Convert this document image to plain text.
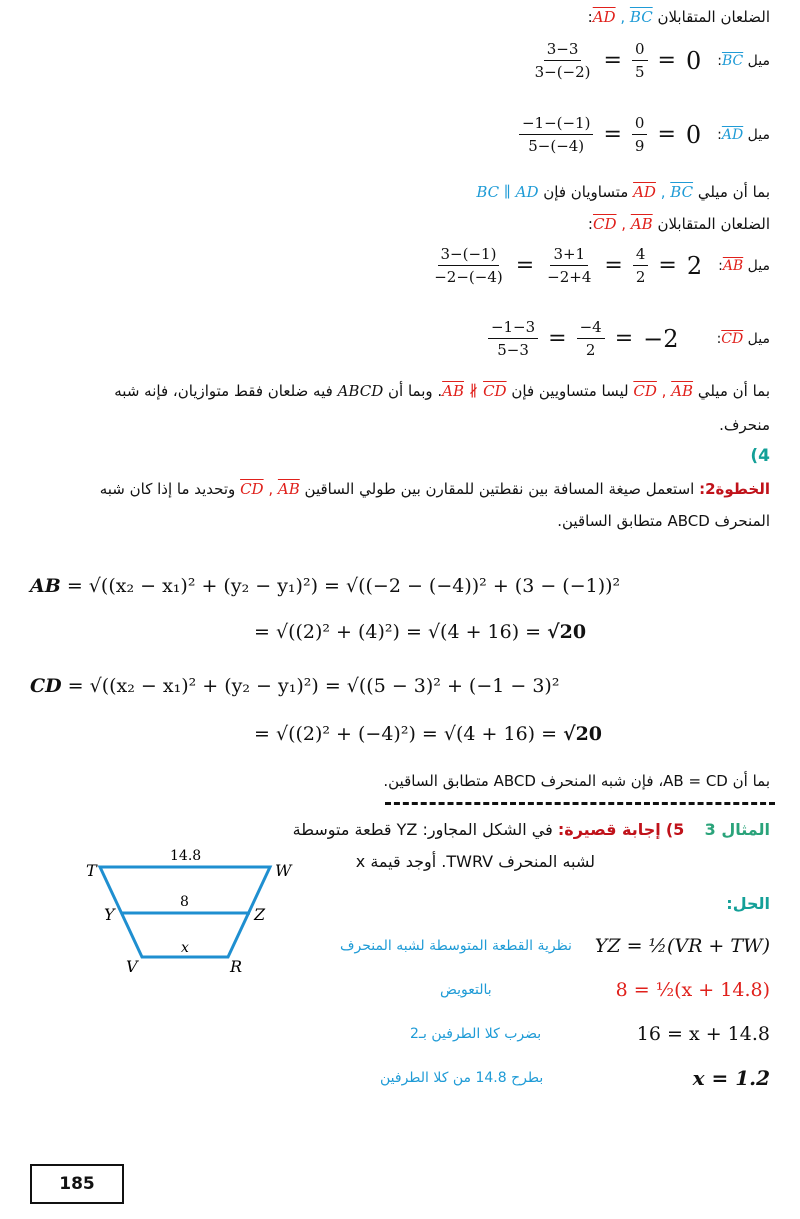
الضلعان المتقابلان AD , BC:
$\frac{3-3}{3-(-2)} = \frac{0}{5} = 0$	ميل BC:
$\frac{-1-(-1)}{5-(-4)} = \frac{0}{9} = 0$	ميل AD:
بما أن ميلي AD , BC متساويان فإن BC ∥ AD
الضلعان المتقابلان CD , AB:
$\frac{3-(-1)}{-2-(-4)} = \frac{3+1}{-2+4} = \frac{4}{2} = 2$	ميل AB:
$\frac{-1-3}{5-3} = \frac{-4}{2} = -2$	ميل CD:
بما أن ميلي CD , AB ليسا متساويين فإن $\overline{AB}$ ∦ $\overline{CD}$. وبما أن ABCD فيه ضلعان فقط متوازيان، فإنه شبه
منحرف.
(4
الخطوة2: استعمل صيغة المسافة بين نقطتين للمقارن بين طولي الساقين CD , AB وتحديد ما إذا كان شبه
المنحرف ABCD متطابق الساقين.
AB = √((x₂ − x₁)² + (y₂ − y₁)²) = √((−2 − (−4))² + (3 − (−1))²
= √((2)² + (4)²) = √(4 + 16) = √20
CD = √((x₂ − x₁)² + (y₂ − y₁)²) = √((5 − 3)² + (−1 − 3)²
= √((2)² + (−4)²) = √(4 + 16) = √20
بما أن AB = CD، فإن شبه المنحرف ABCD متطابق الساقين.
المثال 3    5) إجابة قصيرة: في الشكل المجاور: YZ قطعة متوسطة
لشبه المنحرف TWRV. أوجد قيمة x
الحل:
T	W
Y	Z
V	R
14.8
8
x	نظرية القطعة المتوسطة لشبه المنحرف YZ = ½(VR + TW)
بالتعويض	8 = ½(x + 14.8)
بضرب كلا الطرفين بـ2	16 = x + 14.8
بطرح 14.8 من كلا الطرفين	x = 1.2
185
